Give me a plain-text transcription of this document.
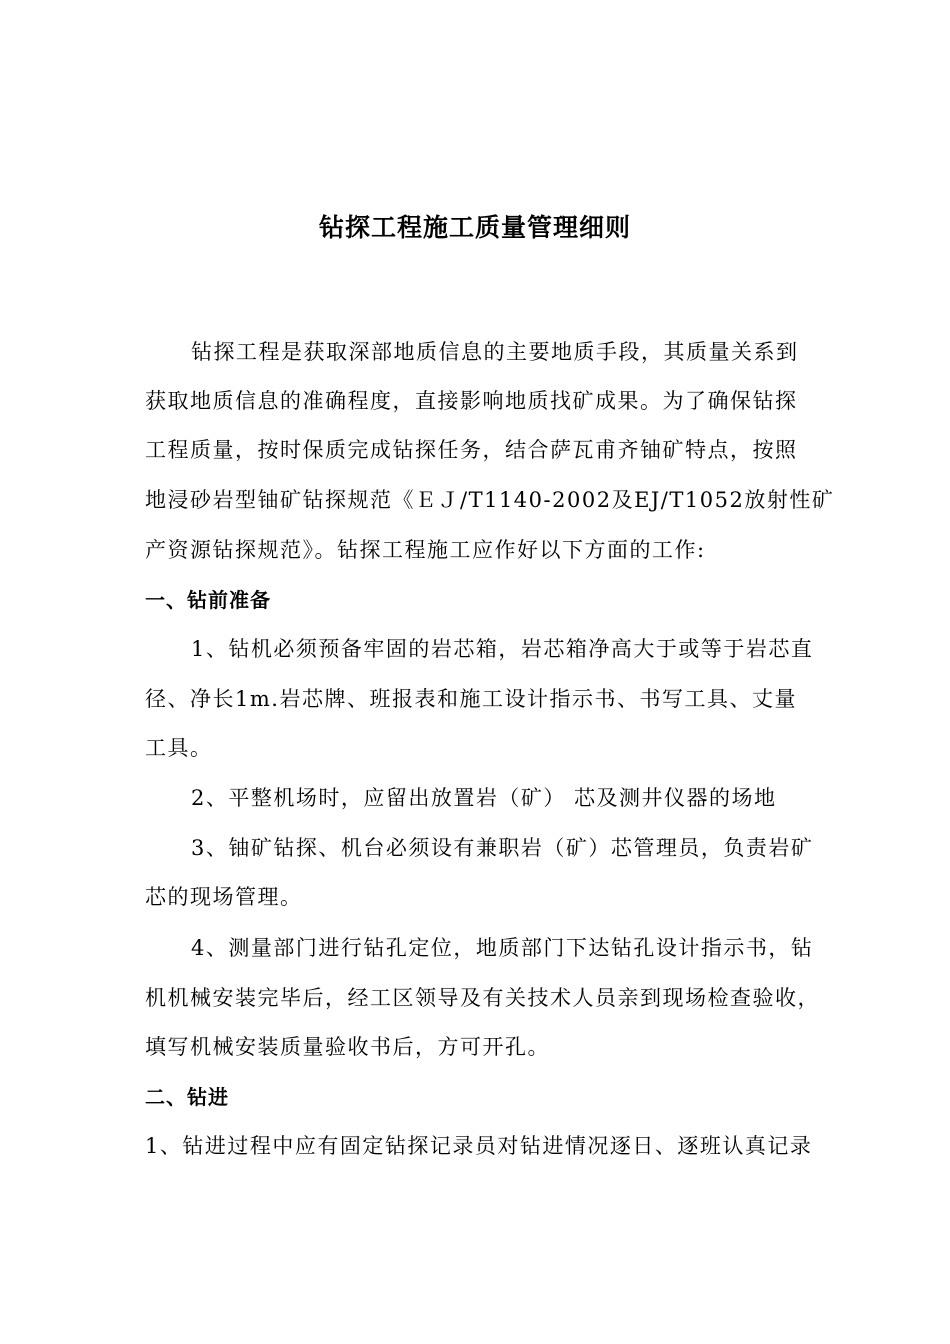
钻探工程施工质量管理细则
钻探工程是获取深部地质信息的主要地质手段，其质量关系到
获取地质信息的准确程度，直接影响地质找矿成果。为了确保钻探
工程质量，按时保质完成钻探任务，结合萨瓦甫齐铀矿特点，按照
地浸砂岩型铀矿钻探规范《ＥＪ/T1140-2002及EJ/T1052放射性矿
产资源钻探规范》。钻探工程施工应作好以下方面的工作:
一、钻前准备
1、钻机必须预备牢固的岩芯箱，岩芯箱净高大于或等于岩芯直
径、净长1m.岩芯牌、班报表和施工设计指示书、书写工具、丈量
工具。
2、平整机场时，应留出放置岩（矿） 芯及测井仪器的场地
3、铀矿钻探、机台必须设有兼职岩（矿）芯管理员，负责岩矿
芯的现场管理。
4、测量部门进行钻孔定位，地质部门下达钻孔设计指示书，钻
机机械安装完毕后，经工区领导及有关技术人员亲到现场检查验收，
填写机械安装质量验收书后，方可开孔。
二、钻进
1、钻进过程中应有固定钻探记录员对钻进情况逐日、逐班认真记录
